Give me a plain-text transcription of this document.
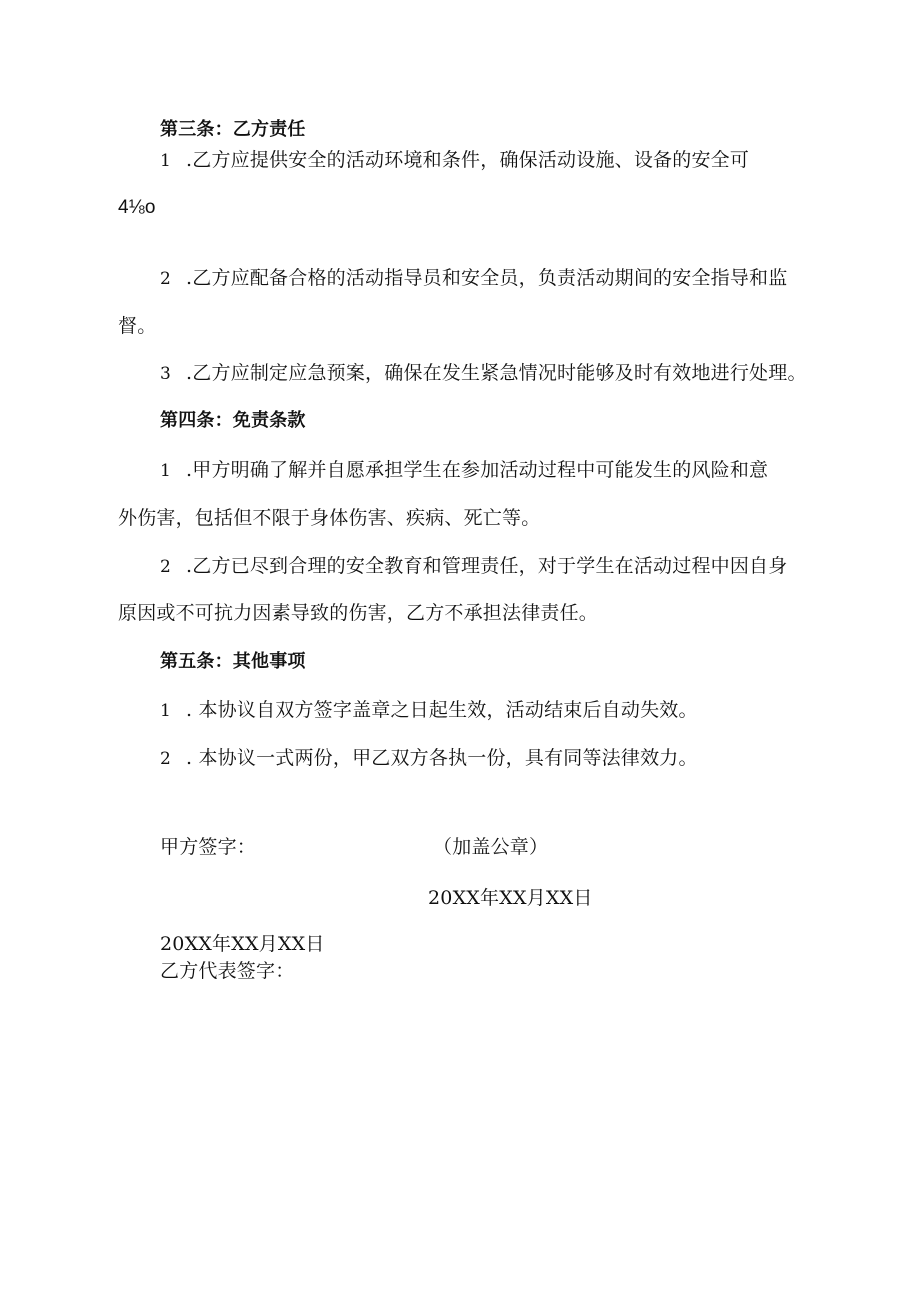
第三条：乙方责任
1 .乙方应提供安全的活动环境和条件，确保活动设施、设备的安全可
4⅛o
2 .乙方应配备合格的活动指导员和安全员，负责活动期间的安全指导和监
督。
3 .乙方应制定应急预案，确保在发生紧急情况时能够及时有效地进行处理。
第四条：免责条款
1 .甲方明确了解并自愿承担学生在参加活动过程中可能发生的风险和意
外伤害，包括但不限于身体伤害、疾病、死亡等。
2 .乙方已尽到合理的安全教育和管理责任，对于学生在活动过程中因自身
原因或不可抗力因素导致的伤害，乙方不承担法律责任。
第五条：其他事项
1 . 本协议自双方签字盖章之日起生效，活动结束后自动失效。
2 . 本协议一式两份，甲乙双方各执一份，具有同等法律效力。
甲方签字：	（加盖公章）
20XX年XX月XX日
20XX年XX月XX日
乙方代表签字：
